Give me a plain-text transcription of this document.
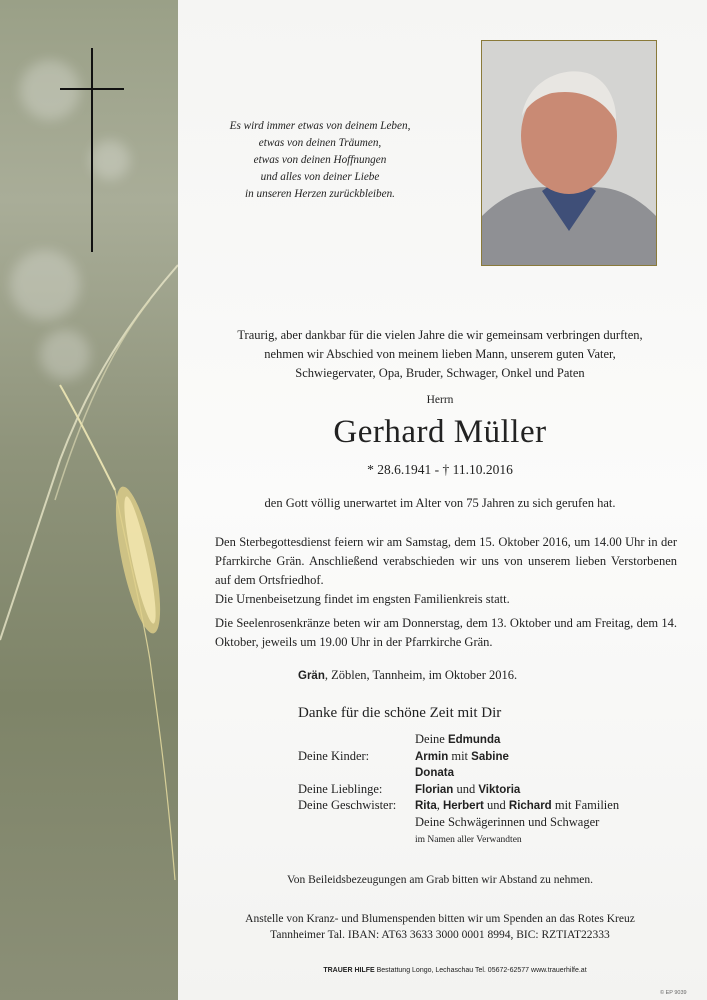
Es wird immer etwas von deinem Leben,
etwas von deinen Träumen,
etwas von deinen Hoffnungen
und alles von deiner Liebe
in unseren Herzen zurückbleiben.
Traurig, aber dankbar für die vielen Jahre die wir gemeinsam verbringen durften,
nehmen wir Abschied von meinem lieben Mann, unserem guten Vater,
Schwiegervater, Opa, Bruder, Schwager, Onkel und Paten
Herrn
Gerhard Müller
* 28.6.1941 - † 11.10.2016
den Gott völlig unerwartet im Alter von 75 Jahren zu sich gerufen hat.
Den Sterbegottesdienst feiern wir am Samstag, dem 15. Oktober 2016, um 14.00 Uhr in der Pfarrkirche Grän. Anschließend verabschieden wir uns von unserem lieben Verstorbenen auf dem Ortsfriedhof.
Die Urnenbeisetzung findet im engsten Familienkreis statt.
Die Seelenrosenkränze beten wir am Donnerstag, dem 13. Oktober und am Freitag, dem 14. Oktober, jeweils um 19.00 Uhr in der Pfarrkirche Grän.
Grän, Zöblen, Tannheim, im Oktober 2016.
Danke für die schöne Zeit mit Dir
Deine Edmunda
Deine Kinder:	Armin mit Sabine
Donata
Deine Lieblinge:	Florian und Viktoria
Deine Geschwister: Rita, Herbert und Richard mit Familien
Deine Schwägerinnen und Schwager
im Namen aller Verwandten
Von Beileidsbezeugungen am Grab bitten wir Abstand zu nehmen.
Anstelle von Kranz- und Blumenspenden bitten wir um Spenden an das Rotes Kreuz
Tannheimer Tal. IBAN: AT63 3633 3000 0001 8994, BIC: RZTIAT22333
TRAUER HILFE Bestattung Longo, Lechaschau Tel. 05672-62577 www.trauerhilfe.at
© EP 9039
